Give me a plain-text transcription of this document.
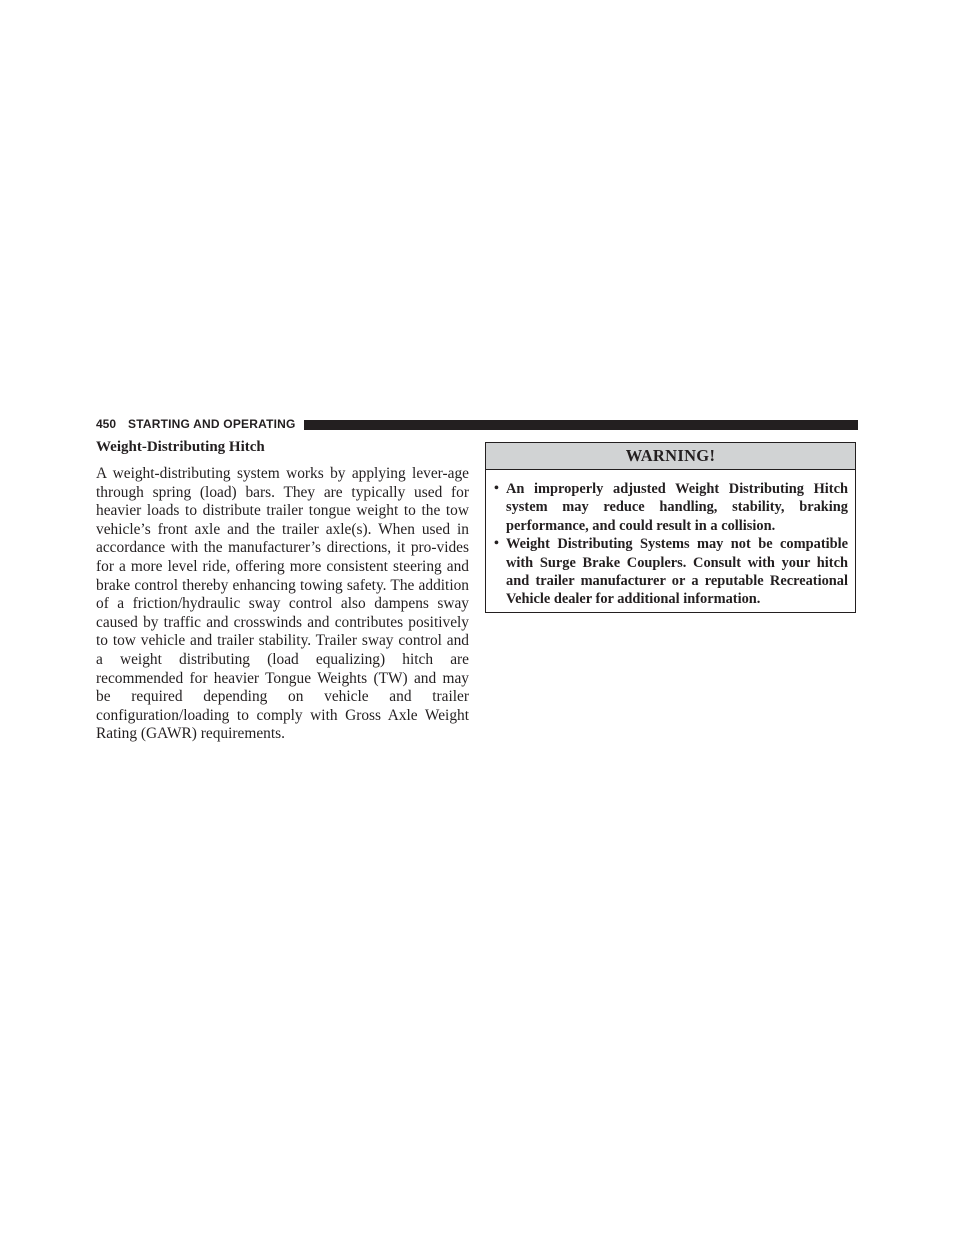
450 STARTING AND OPERATING
Weight-Distributing Hitch

A weight-distributing system works by applying lever-age through spring (load) bars. They are typically used for heavier loads to distribute trailer tongue weight to the tow vehicle’s front axle and the trailer axle(s). When used in accordance with the manufacturer’s directions, it pro-vides for a more level ride, offering more consistent steering and brake control thereby enhancing towing safety. The addition of a friction/hydraulic sway control also dampens sway caused by traffic and crosswinds and contributes positively to tow vehicle and trailer stability. Trailer sway control and a weight distributing (load equalizing) hitch are recommended for heavier Tongue Weights (TW) and may be required depending on vehicle and trailer configuration/loading to comply with Gross Axle Weight Rating (GAWR) requirements.

WARNING!
• An improperly adjusted Weight Distributing Hitch system may reduce handling, stability, braking performance, and could result in a collision.
• Weight Distributing Systems may not be compatible with Surge Brake Couplers. Consult with your hitch and trailer manufacturer or a reputable Recreational Vehicle dealer for additional information.
